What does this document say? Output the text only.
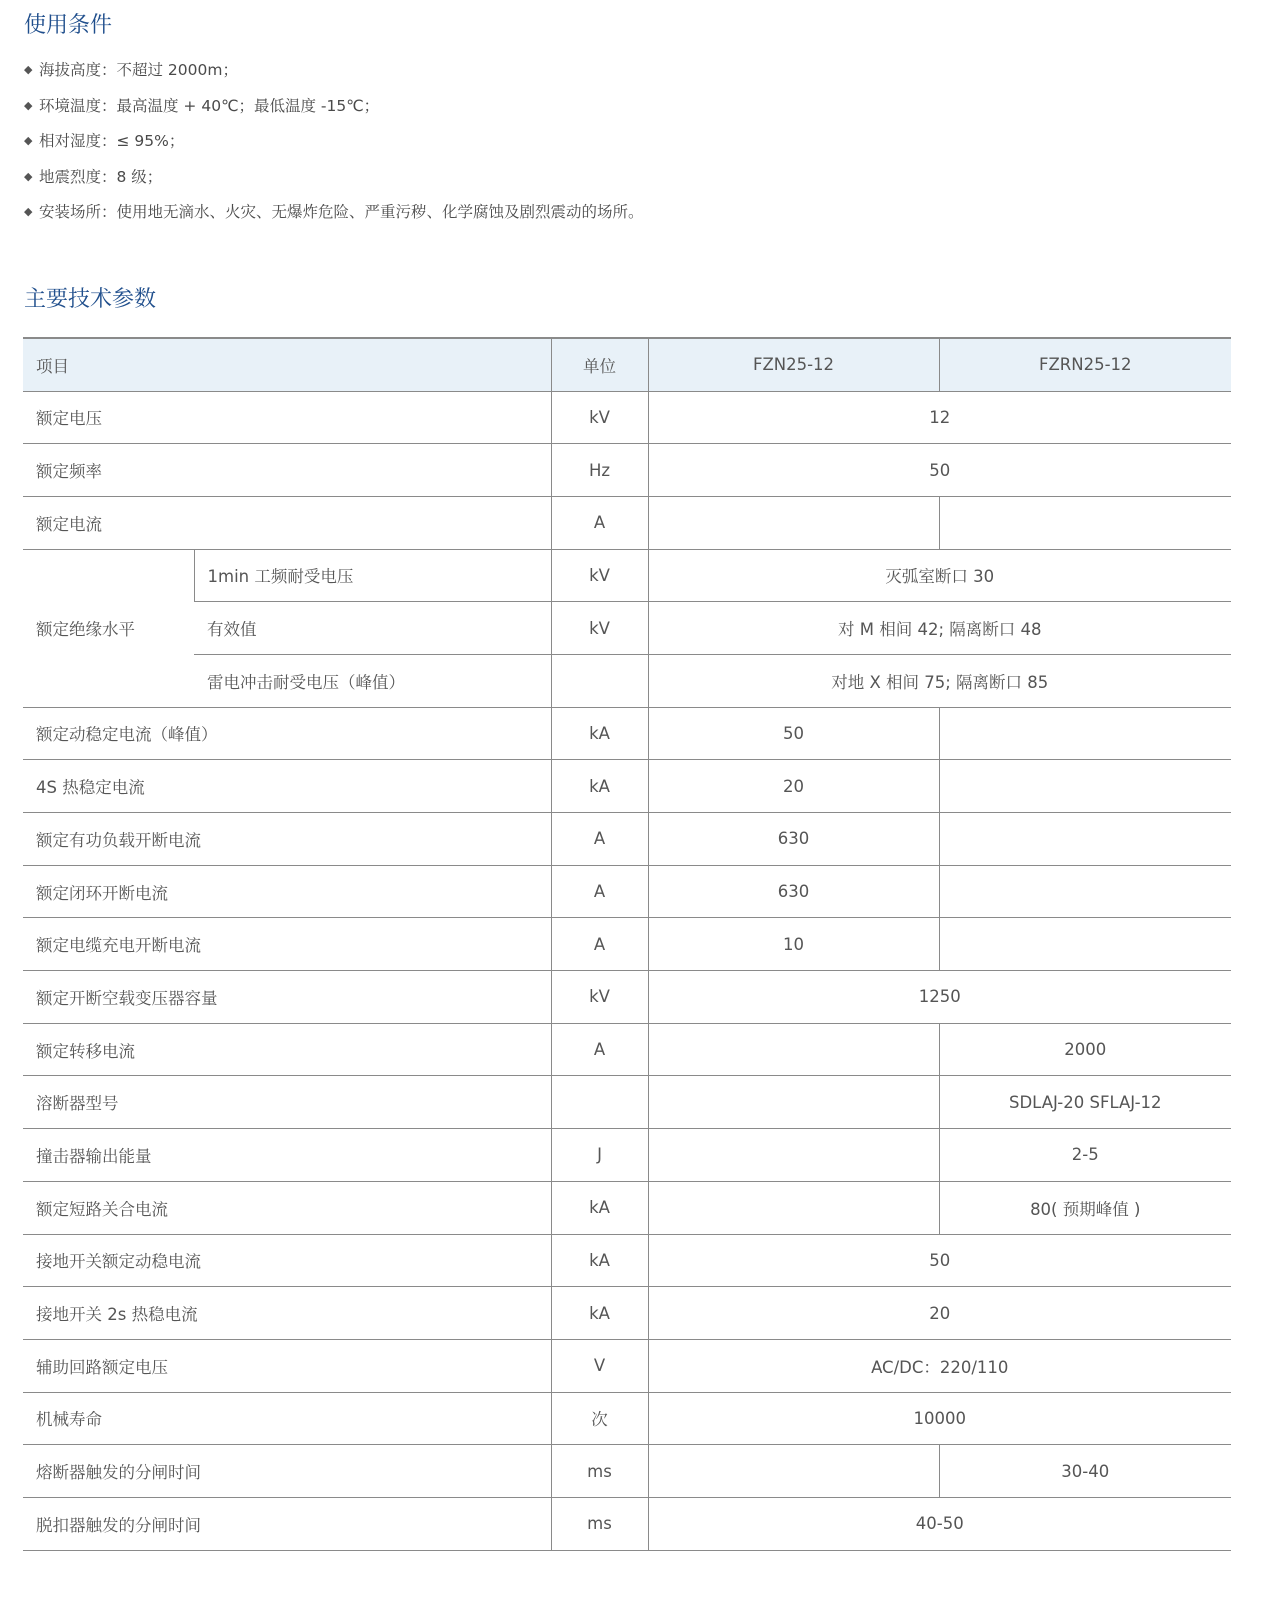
使用条件
◆ 海拔高度：不超过 2000m；
◆ 环境温度：最高温度 + 40℃；最低温度 -15℃；
◆ 相对湿度：≤ 95%；
◆ 地震烈度：8 级；
◆ 安装场所：使用地无滴水、火灾、无爆炸危险、严重污秽、化学腐蚀及剧烈震动的场所。
主要技术参数
项目		单位	FZN25-12	FZRN25-12
额定电压		kV	12	
额定频率		Hz	50	
额定电流		A		
额定绝缘水平	1min 工频耐受电压	kV	灭弧室断口 30	
	有效值	kV	对 M 相间 42; 隔离断口 48	
	雷电冲击耐受电压（峰值）		对地 X 相间 75; 隔离断口 85	
额定动稳定电流（峰值）		kA	50	
4S 热稳定电流		kA	20	
额定有功负载开断电流		A	630	
额定闭环开断电流		A	630	
额定电缆充电开断电流		A	10	
额定开断空载变压器容量		kV	1250	
额定转移电流		A		2000
溶断器型号				SDLAJ-20 SFLAJ-12
撞击器输出能量		J		2-5
额定短路关合电流		kA		80( 预期峰值 )
接地开关额定动稳电流		kA	50	
接地开关 2s 热稳电流		kA	20	
辅助回路额定电压		V	AC/DC：220/110	
机械寿命		次	10000	
熔断器触发的分闸时间		ms		30-40
脱扣器触发的分闸时间		ms	40-50	
